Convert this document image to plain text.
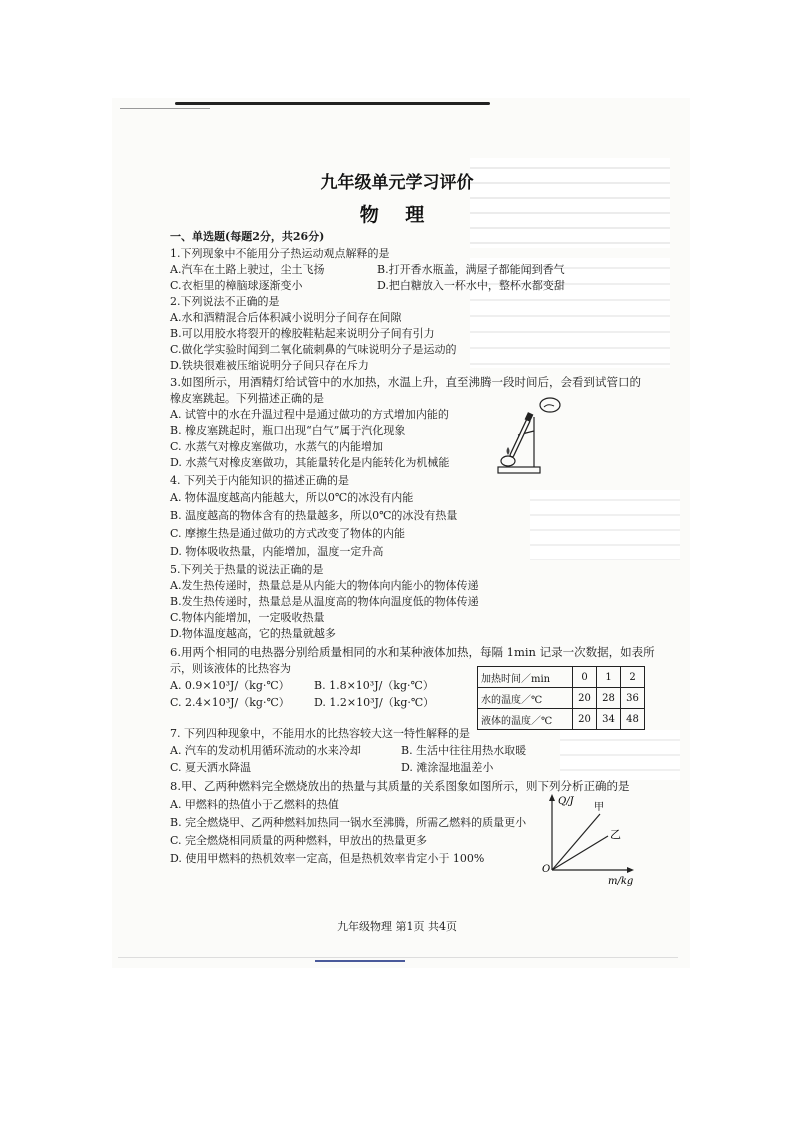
九年级单元学习评价
物 理
一、单选题(每题2分，共26分)
1.下列现象中不能用分子热运动观点解释的是
A.汽车在土路上驶过，尘土飞扬	B.打开香水瓶盖，满屋子都能闻到香气
C.衣柜里的樟脑球逐渐变小	D.把白糖放入一杯水中，整杯水都变甜
2.下列说法不正确的是
A.水和酒精混合后体积减小说明分子间存在间隙
B.可以用胶水将裂开的橡胶鞋粘起来说明分子间有引力
C.做化学实验时闻到二氧化硫刺鼻的气味说明分子是运动的
D.铁块很难被压缩说明分子间只存在斥力
3.如图所示，用酒精灯给试管中的水加热，水温上升，直至沸腾一段时间后，会看到试管口的
橡皮塞跳起。下列描述正确的是
A. 试管中的水在升温过程中是通过做功的方式增加内能的
B. 橡皮塞跳起时，瓶口出现“白气”属于汽化现象
C. 水蒸气对橡皮塞做功，水蒸气的内能增加
D. 水蒸气对橡皮塞做功，其能量转化是内能转化为机械能
4. 下列关于内能知识的描述正确的是
A. 物体温度越高内能越大，所以0℃的冰没有内能
B. 温度越高的物体含有的热量越多，所以0℃的冰没有热量
C. 摩擦生热是通过做功的方式改变了物体的内能
D. 物体吸收热量，内能增加，温度一定升高
5.下列关于热量的说法正确的是
A.发生热传递时，热量总是从内能大的物体向内能小的物体传递
B.发生热传递时，热量总是从温度高的物体向温度低的物体传递
C.物体内能增加，一定吸收热量
D.物体温度越高，它的热量就越多
6.用两个相同的电热器分别给质量相同的水和某种液体加热，每隔 1min 记录一次数据，如表所
示，则该液体的比热容为
A. 0.9×10³J/（kg·℃） B. 1.8×10³J/（kg·℃）
C. 2.4×10³J/（kg·℃） D. 1.2×10³J/（kg·℃）
加热时间／min	0	1	2
水的温度／℃	20	28	36
液体的温度／℃	20	34	48
7. 下列四种现象中，不能用水的比热容较大这一特性解释的是
A. 汽车的发动机用循环流动的水来冷却	B. 生活中往往用热水取暖
C. 夏天洒水降温	D. 滩涂湿地温差小
8.甲、乙两种燃料完全燃烧放出的热量与其质量的关系图象如图所示，则下列分析正确的是
A. 甲燃料的热值小于乙燃料的热值
B. 完全燃烧甲、乙两种燃料加热同一锅水至沸腾，所需乙燃料的质量更小
C. 完全燃烧相同质量的两种燃料，甲放出的热量更多
D. 使用甲燃料的热机效率一定高，但是热机效率肯定小于 100%
Q/J
O
甲
乙
m/kg
九年级物理 第1页 共4页
